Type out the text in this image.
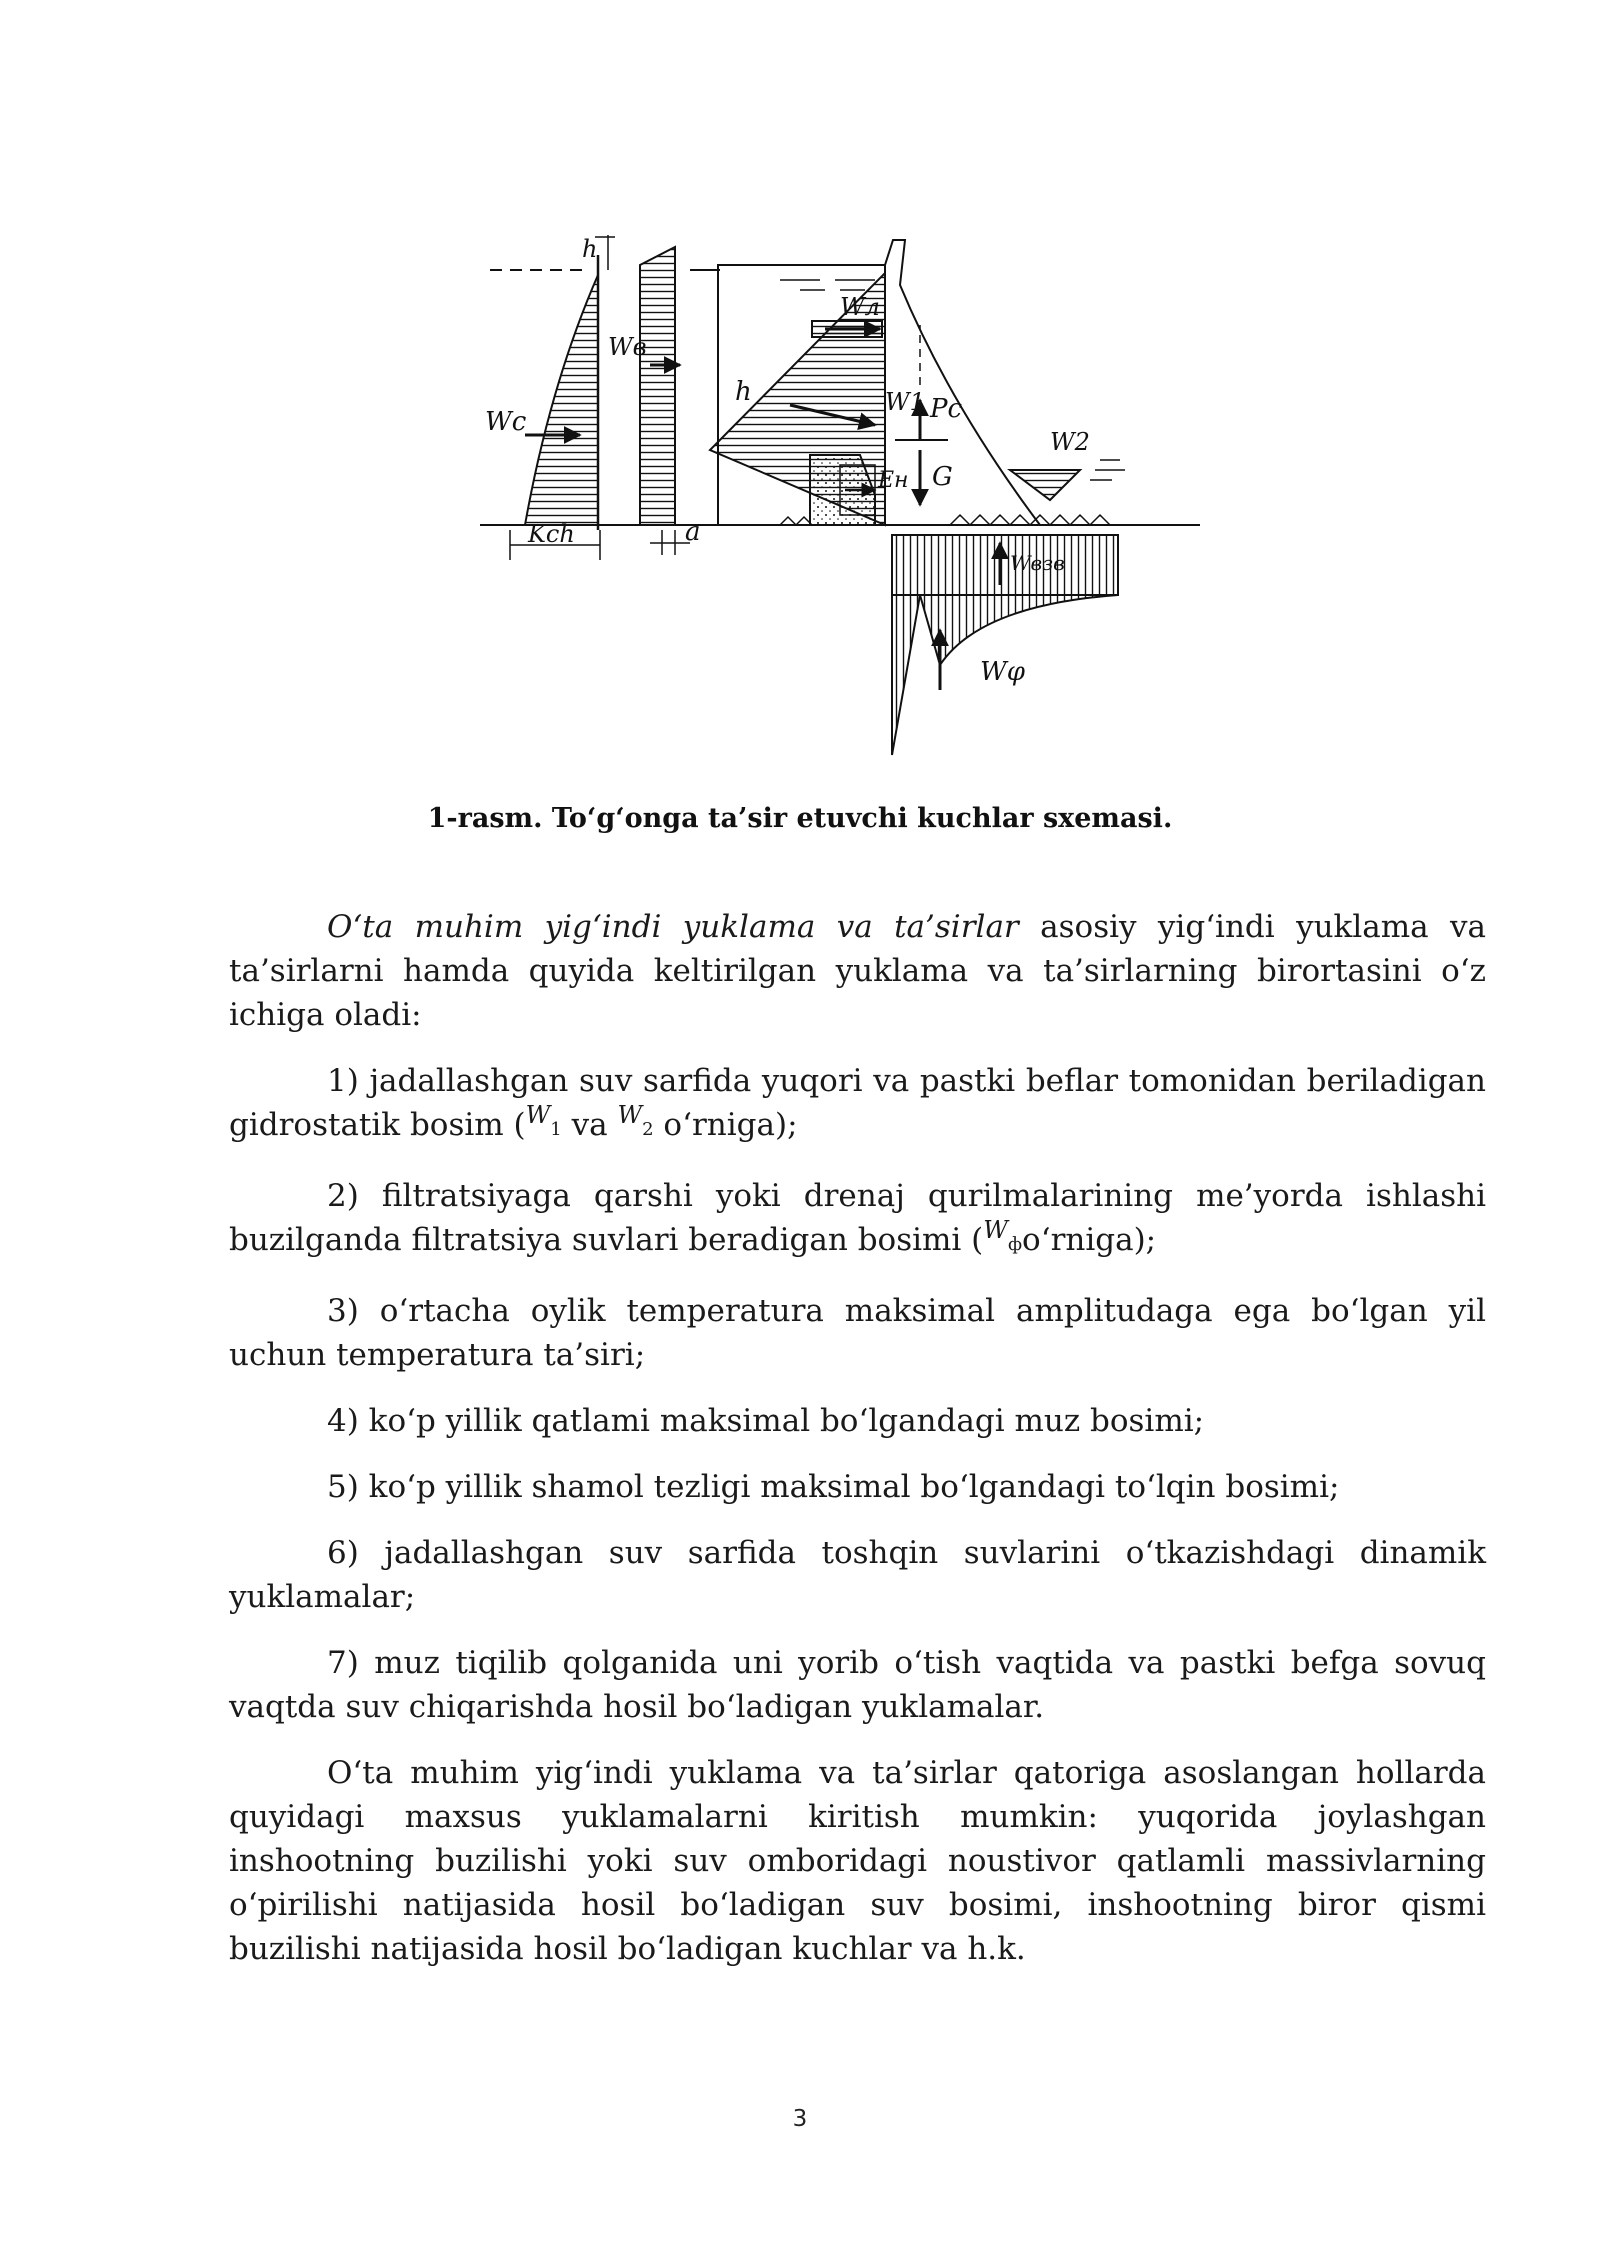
Wc
Wв
h
h
Wл
W1 Pc
G
Eн
W2
Kch	a
Wвзв
Wφ
1-rasm. To‘g‘onga ta’sir etuvchi kuchlar sxemasi.

O‘ta muhim yig‘indi yuklama va ta’sirlar asosiy yig‘indi yuklama va ta’sirlarni hamda quyida keltirilgan yuklama va ta’sirlarning birortasini o‘z ichiga oladi:

1) jadallashgan suv sarfida yuqori va pastki beflar tomonidan beriladigan gidrostatik bosim ($^W$1 va $^W$2 o‘rniga);

2) filtratsiyaga qarshi yoki drenaj qurilmalarining me’yorda ishlashi buzilganda filtratsiya suvlari beradigan bosimi ($^W$фo‘rniga);

3) o‘rtacha oylik temperatura maksimal amplitudaga ega bo‘lgan yil uchun temperatura ta’siri;

4) ko‘p yillik qatlami maksimal bo‘lgandagi muz bosimi;

5) ko‘p yillik shamol tezligi maksimal bo‘lgandagi to‘lqin bosimi;

6) jadallashgan suv sarfida toshqin suvlarini o‘tkazishdagi dinamik yuklamalar;

7) muz tiqilib qolganida uni yorib o‘tish vaqtida va pastki befga sovuq vaqtda suv chiqarishda hosil bo‘ladigan yuklamalar.

O‘ta muhim yig‘indi yuklama va ta’sirlar qatoriga asoslangan hollarda quyidagi maxsus yuklamalarni kiritish mumkin: yuqorida joylashgan inshootning buzilishi yoki suv omboridagi noustivor qatlamli massivlarning o‘pirilishi natijasida hosil bo‘ladigan suv bosimi, inshootning biror qismi buzilishi natijasida hosil bo‘ladigan kuchlar va h.k.

3
